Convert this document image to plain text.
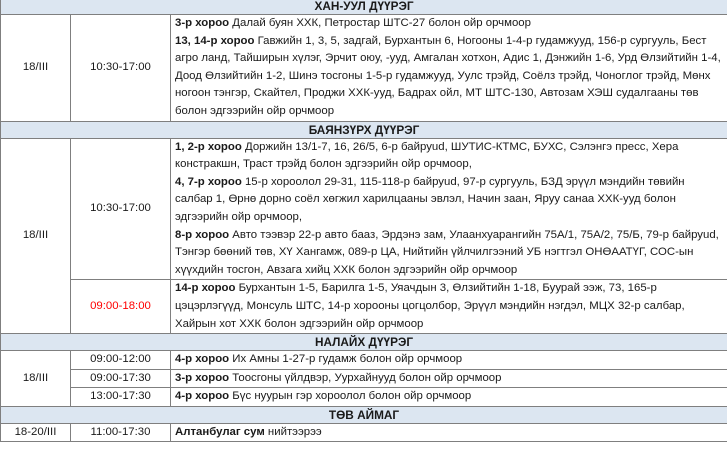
ХАН-УУЛ ДҮҮРЭГ		
18/III	10:30-17:00	3-р хороо Далай буян ХХК, Петростар ШТС-27 болон ойр орчмоор
13, 14-р хороо Гавжийн 1, 3, 5, задгай, Бурхантын 6, Ногооны 1-4-р гудамжууд, 156-р сургууль, Бест агро ланд, Тайширын хүлэг, Эрчит оюу, -ууд, Амгалан хотхон, Адис 1, Дэнжийн 1-6, Урд Өлзийтийн 1-4, Доод Өлзийтийн 1-2, Шинэ тосгоны 1-5-р гудамжууд, Уулс трэйд, Соёлз трэйд, Чоноглог трэйд, Мөнх ногоон тэнгэр, Скайтел, Проджи ХХК-ууд, Бадрах ойл, МТ ШТС-130, Автозам ХЭШ судалгааны төв болон эдгээрийн ойр орчмоор

БАЯНЗҮРХ ДҮҮРЭГ		
18/III	10:30-17:00	1, 2-р хороо Доржийн 13/1-7, 16, 26/5, 6-р байруud, ШУТИС-КТМС, БУХС, Сэлэнгэ пресс, Хера констракшн, Траст трэйд болон эдгээрийн ойр орчмоор,
4, 7-р хороо 15-р хороолол 29-31, 115-118-р байруud, 97-р сургууль, БЗД эрүүл мэндийн төвийн салбар 1, Өрнө дорно соёл хөгжил харилцааны эвлэл, Начин заан, Яруу санаа ХХК-ууд болон эдгээрийн ойр орчмоор,
8-р хороо Авто тээвэр 22-р авто бааз, Эрдэнэ зам, Улаанхуарангийн 75А/1, 75А/2, 75/Б, 79-р байруud, Тэнгэр бөөний төв, ХҮ Хангамж, 089-р ЦА, Нийтийн үйлчилгээний УБ нэгтгэл ОНӨААТҮГ, СОС-ын хүүхдийн тосгон, Авзага хийц ХХК болон эдгээрийн ойр орчмоор

	09:00-18:00	14-р хороо Бурхантын 1-5, Барилга 1-5, Уяачдын 3, Өлзийтийн 1-18, Буурай ээж, 73, 165-р цэцэрлэгүүд, Монсуль ШТС, 14-р хорооны цогцолбор, Эрүүл мэндийн нэгдэл, МЦХ 32-р салбар, Хайрын хот ХХК болон эдгээрийн ойр орчмоор

НАЛАЙХ ДҮҮРЭГ		
18/III	09:00-12:00	4-р хороо Их Амны 1-27-р гудамж болон ойр орчмоор
	09:00-17:30	3-р хороо Тоосгоны үйлдвэр, Уурхайнууд болон ойр орчмоор
	13:00-17:30	4-р хороо Бүс нуурын гэр хороолол болон ойр орчмоор
ТӨВ АЙМАГ		
18-20/III	11:00-17:30	Алтанбулаг сум нийтээрээ
